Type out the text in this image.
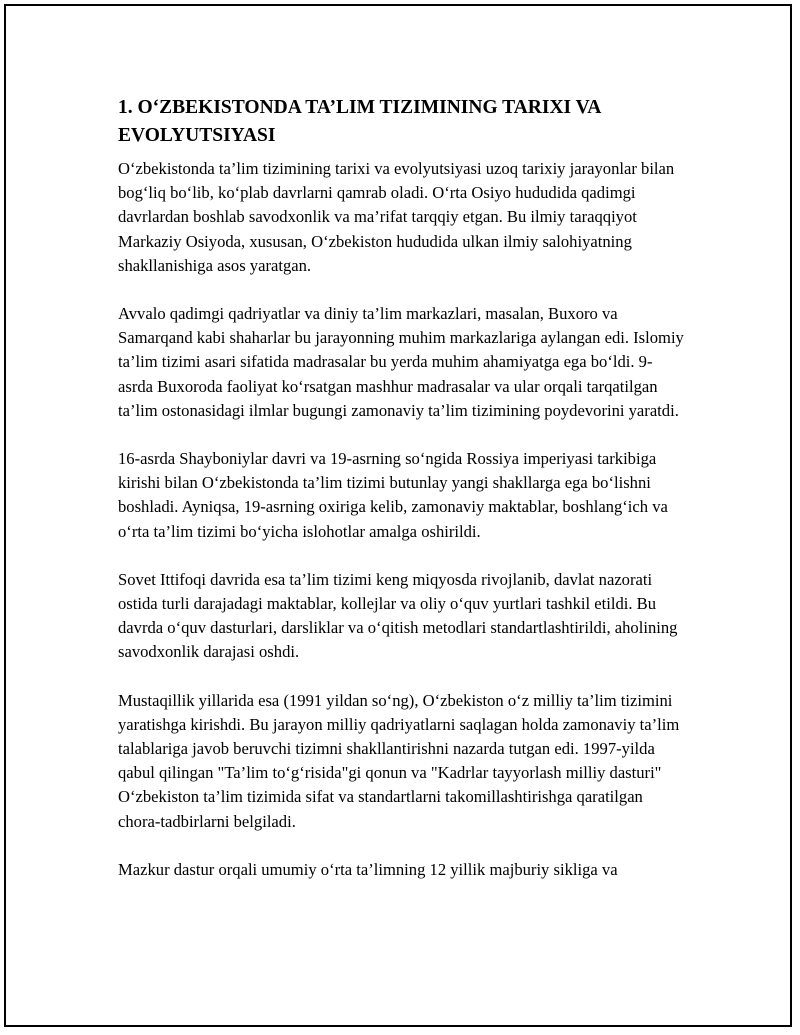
1. O‘ZBEKISTONDA TA’LIM TIZIMINING TARIXI VA EVOLYUTSIYASI

O‘zbekistonda ta’lim tizimining tarixi va evolyutsiyasi uzoq tarixiy jarayonlar bilan bog‘liq bo‘lib, ko‘plab davrlarni qamrab oladi. O‘rta Osiyo hududida qadimgi davrlardan boshlab savodxonlik va ma’rifat tarqqiy etgan. Bu ilmiy taraqqiyot Markaziy Osiyoda, xususan, O‘zbekiston hududida ulkan ilmiy salohiyatning shakllanishiga asos yaratgan.

Avvalo qadimgi qadriyatlar va diniy ta’lim markazlari, masalan, Buxoro va Samarqand kabi shaharlar bu jarayonning muhim markazlariga aylangan edi. Islomiy ta’lim tizimi asari sifatida madrasalar bu yerda muhim ahamiyatga ega bo‘ldi. 9-asrda Buxoroda faoliyat ko‘rsatgan mashhur madrasalar va ular orqali tarqatilgan ta’lim ostonasidagi ilmlar bugungi zamonaviy ta’lim tizimining poydevorini yaratdi.

16-asrda Shayboniylar davri va 19-asrning so‘ngida Rossiya imperiyasi tarkibiga kirishi bilan O‘zbekistonda ta’lim tizimi butunlay yangi shakllarga ega bo‘lishni boshladi. Ayniqsa, 19-asrning oxiriga kelib, zamonaviy maktablar, boshlang‘ich va o‘rta ta’lim tizimi bo‘yicha islohotlar amalga oshirildi.

Sovet Ittifoqi davrida esa ta’lim tizimi keng miqyosda rivojlanib, davlat nazorati ostida turli darajadagi maktablar, kollejlar va oliy o‘quv yurtlari tashkil etildi. Bu davrda o‘quv dasturlari, darsliklar va o‘qitish metodlari standartlashtirildi, aholining savodxonlik darajasi oshdi.

Mustaqillik yillarida esa (1991 yildan so‘ng), O‘zbekiston o‘z milliy ta’lim tizimini yaratishga kirishdi. Bu jarayon milliy qadriyatlarni saqlagan holda zamonaviy ta’lim talablariga javob beruvchi tizimni shakllantirishni nazarda tutgan edi. 1997-yilda qabul qilingan "Ta’lim to‘g‘risida"gi qonun va "Kadrlar tayyorlash milliy dasturi" O‘zbekiston ta’lim tizimida sifat va standartlarni takomillashtirishga qaratilgan chora-tadbirlarni belgiladi.

Mazkur dastur orqali umumiy o‘rta ta’limning 12 yillik majburiy sikliga va
